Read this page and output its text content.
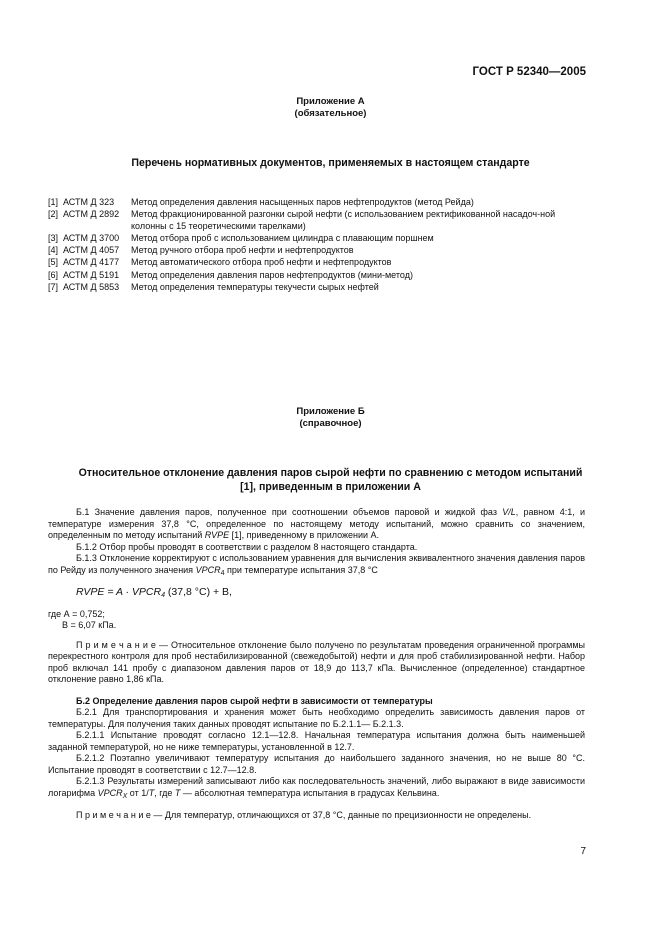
ГОСТ Р 52340—2005
Приложение А
(обязательное)
Перечень нормативных документов, применяемых в настоящем стандарте
[1] АСТМ Д 323	Метод определения давления насыщенных паров нефтепродуктов (метод Рейда)
[2] АСТМ Д 2892	Метод фракционированной разгонки сырой нефти (с использованием ректификованной насадоч-ной колонны с 15 теоретическими тарелками)
[3] АСТМ Д 3700	Метод отбора проб с использованием цилиндра с плавающим поршнем
[4] АСТМ Д 4057	Метод ручного отбора проб нефти и нефтепродуктов
[5] АСТМ Д 4177	Метод автоматического отбора проб нефти и нефтепродуктов
[6] АСТМ Д 5191	Метод определения давления паров нефтепродуктов (мини-метод)
[7] АСТМ Д 5853	Метод определения температуры текучести сырых нефтей
Приложение Б
(справочное)
Относительное отклонение давления паров сырой нефти по сравнению с методом испытаний
[1], приведенным в приложении А

Б.1 Значение давления паров, полученное при соотношении объемов паровой и жидкой фаз V/L, равном 4:1, и температуре измерения 37,8 °С, определенное по настоящему методу испытаний, можно сравнить со значением, определенным по методу испытаний RVPE [1], приведенному в приложении А.

Б.1.2 Отбор пробы проводят в соответствии с разделом 8 настоящего стандарта.

Б.1.3 Отклонение корректируют с использованием уравнения для вычисления эквивалентного значения давления паров по Рейду из полученного значения $VPCR_4$ при температуре испытания 37,8 °С

RVPE = $A \cdot VPCR_4$ (37,8 °С) + В,

где А = 0,752;

В = 6,07 кПа.

П р и м е ч а н и е — Относительное отклонение было получено по результатам проведения ограниченной программы перекрестного контроля для проб нестабилизированной (свежедобытой) нефти и для проб стабилизированной нефти. Набор проб включал 141 пробу с диапазоном давления паров от 18,9 до 113,7 кПа. Вычисленное (определенное) стандартное отклонение равно 1,86 кПа.

Б.2 Определение давления паров сырой нефти в зависимости от температуры

Б.2.1 Для транспортирования и хранения может быть необходимо определить зависимость давления паров от температуры. Для получения таких данных проводят испытание по Б.2.1.1— Б.2.1.3.

Б.2.1.1 Испытание проводят согласно 12.1—12.8. Начальная температура испытания должна быть наименьшей заданной температурой, но не ниже температуры, установленной в 12.7.

Б.2.1.2 Поэтапно увеличивают температуру испытания до наибольшего заданного значения, но не выше 80 °С. Испытание проводят в соответствии с 12.7—12.8.

Б.2.1.3 Результаты измерений записывают либо как последовательность значений, либо выражают в виде зависимости логарифма $VPCR_X$ от 1/T, где T — абсолютная температура испытания в градусах Кельвина.

П р и м е ч а н и е — Для температур, отличающихся от 37,8 °С, данные по прецизионности не определены.

7
